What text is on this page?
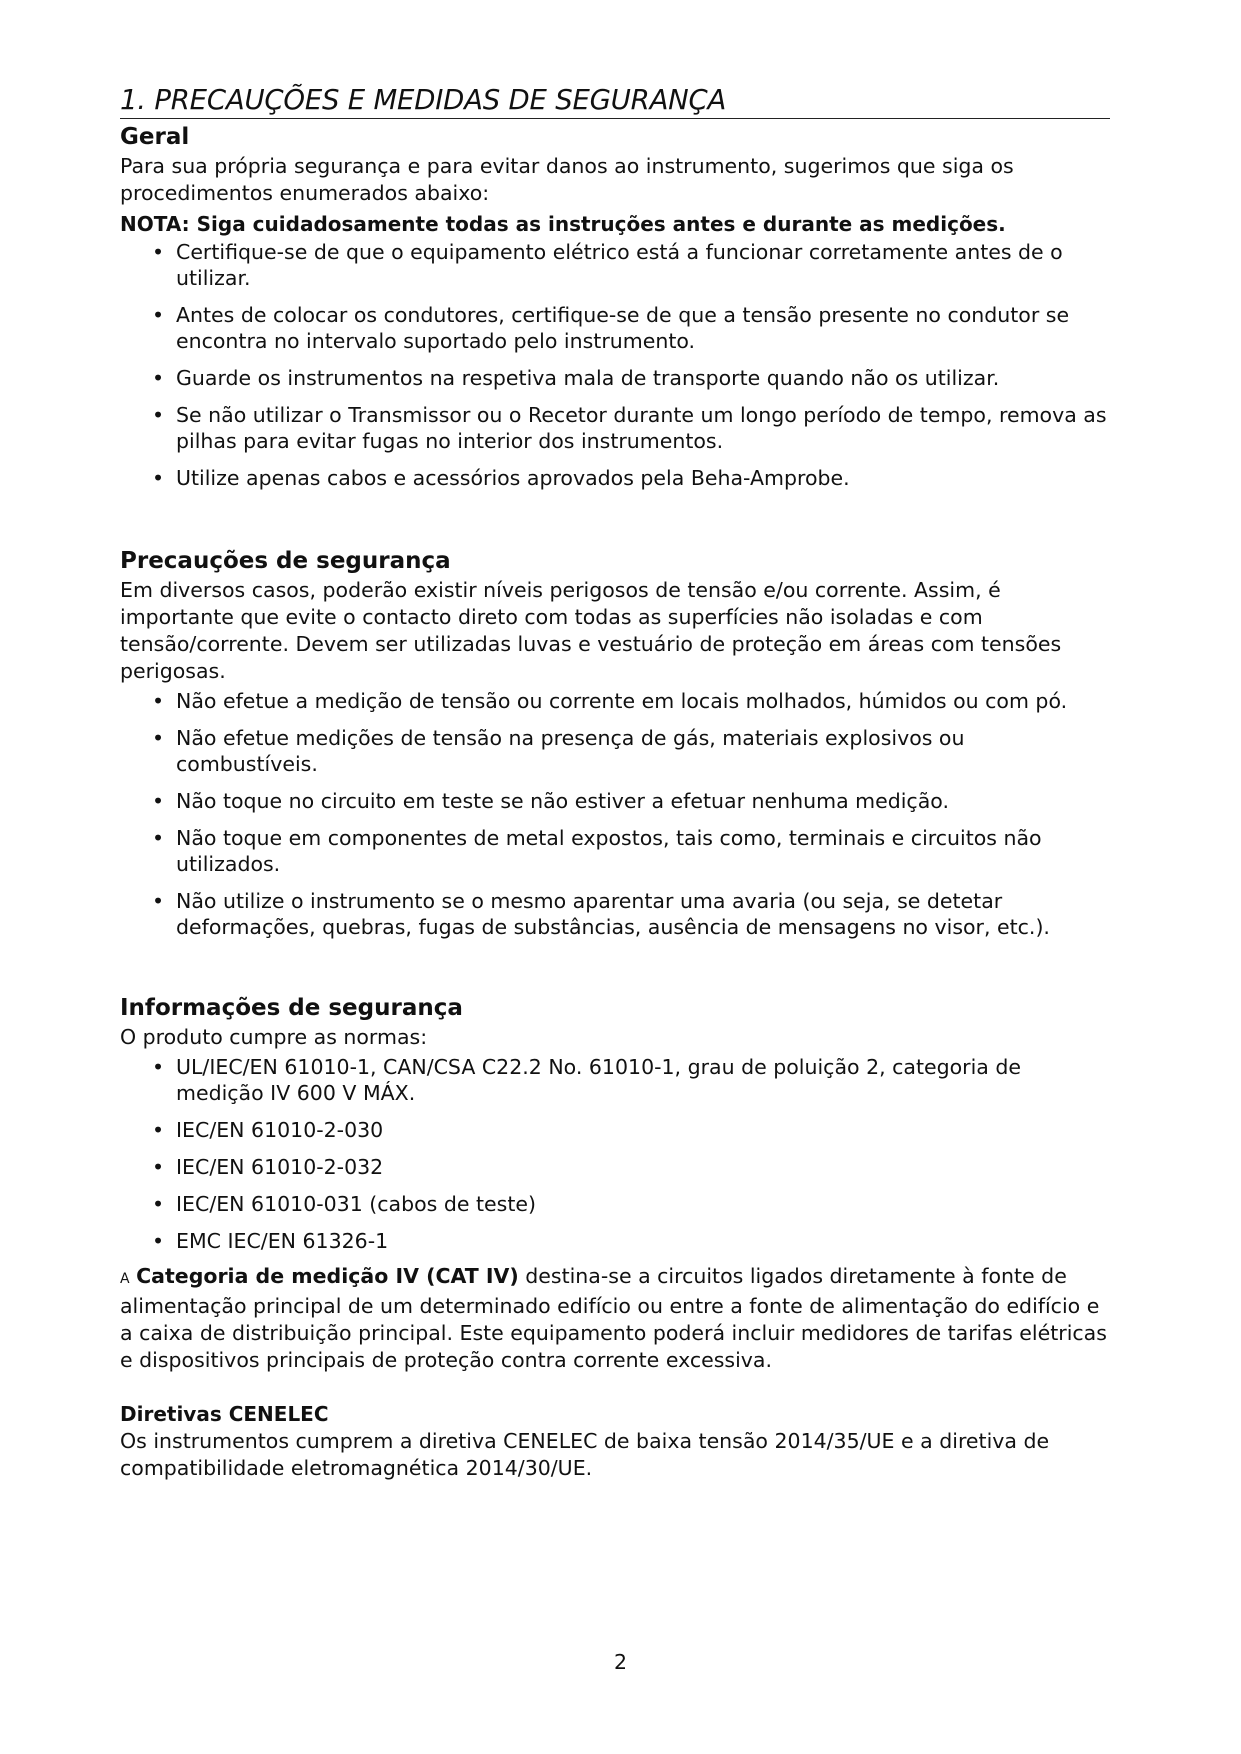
1. PRECAUÇÕES E MEDIDAS DE SEGURANÇA
Geral

Para sua própria segurança e para evitar danos ao instrumento, sugerimos que siga os procedimentos enumerados abaixo:

NOTA: Siga cuidadosamente todas as instruções antes e durante as medições.

• Certifique-se de que o equipamento elétrico está a funcionar corretamente antes de o utilizar.
• Antes de colocar os condutores, certifique-se de que a tensão presente no condutor se encontra no intervalo suportado pelo instrumento.
• Guarde os instrumentos na respetiva mala de transporte quando não os utilizar.
• Se não utilizar o Transmissor ou o Recetor durante um longo período de tempo, remova as pilhas para evitar fugas no interior dos instrumentos.
• Utilize apenas cabos e acessórios aprovados pela Beha-Amprobe.
Precauções de segurança

Em diversos casos, poderão existir níveis perigosos de tensão e/ou corrente. Assim, é importante que evite o contacto direto com todas as superfícies não isoladas e com tensão/corrente. Devem ser utilizadas luvas e vestuário de proteção em áreas com tensões perigosas.

• Não efetue a medição de tensão ou corrente em locais molhados, húmidos ou com pó.
• Não efetue medições de tensão na presença de gás, materiais explosivos ou combustíveis.
• Não toque no circuito em teste se não estiver a efetuar nenhuma medição.
• Não toque em componentes de metal expostos, tais como, terminais e circuitos não utilizados.
• Não utilize o instrumento se o mesmo aparentar uma avaria (ou seja, se detetar deformações, quebras, fugas de substâncias, ausência de mensagens no visor, etc.).
Informações de segurança

O produto cumpre as normas:

• UL/IEC/EN 61010-1, CAN/CSA C22.2 No. 61010-1, grau de poluição 2, categoria de medição IV 600 V MÁX.
• IEC/EN 61010-2-030
• IEC/EN 61010-2-032
• IEC/EN 61010-031 (cabos de teste)
• EMC IEC/EN 61326-1

A Categoria de medição IV (CAT IV) destina-se a circuitos ligados diretamente à fonte de alimentação principal de um determinado edifício ou entre a fonte de alimentação do edifício e a caixa de distribuição principal. Este equipamento poderá incluir medidores de tarifas elétricas e dispositivos principais de proteção contra corrente excessiva.

Diretivas CENELEC

Os instrumentos cumprem a diretiva CENELEC de baixa tensão 2014/35/UE e a diretiva de compatibilidade eletromagnética 2014/30/UE.

2
